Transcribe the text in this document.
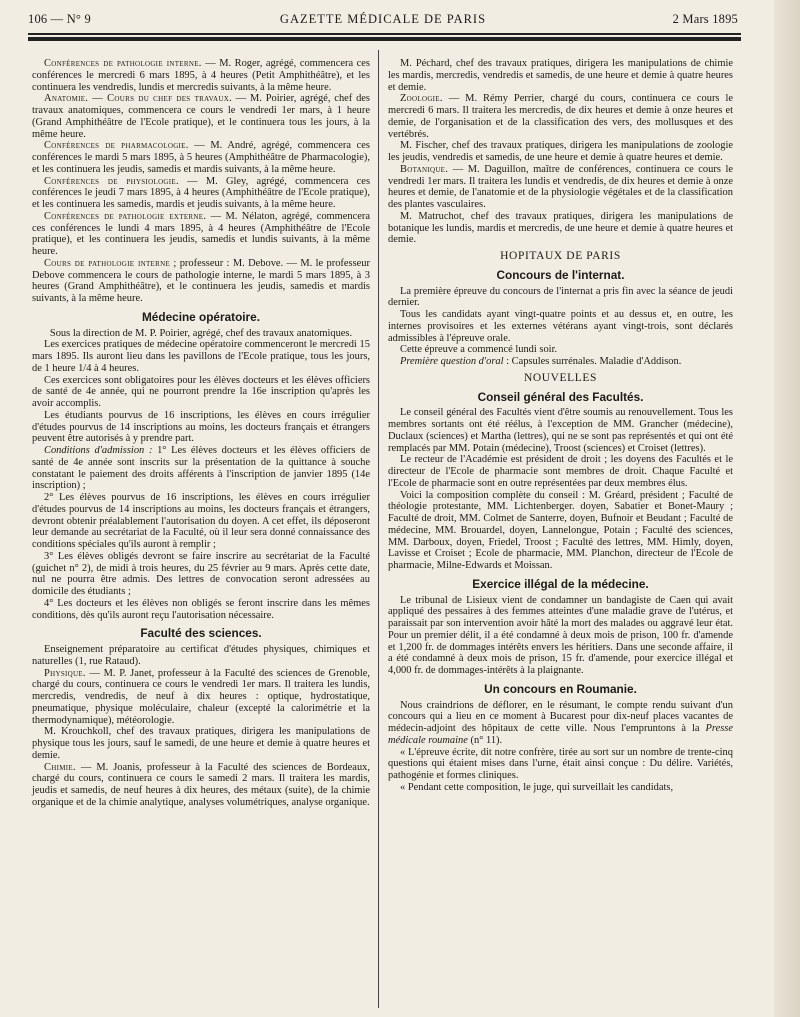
106 — N° 9	GAZETTE MÉDICALE DE PARIS	2 Mars 1895

Conférences de pathologie interne. — M. Roger, agrégé, commencera ces conférences le mercredi 6 mars 1895, à 4 heures (Petit Amphithéâtre), et les continuera les vendredis, lundis et mercredis suivants, à la même heure.

Anatomie. — Cours du chef des travaux. — M. Poirier, agrégé, chef des travaux anatomiques, commencera ce cours le vendredi 1er mars, à 1 heure (Grand Amphithéâtre de l'Ecole pratique), et le continuera tous les jours, à la même heure.

Conférences de pharmacologie. — M. André, agrégé, commencera ces conférences le mardi 5 mars 1895, à 5 heures (Amphithéâtre de Pharmacologie), et les continuera les jeudis, samedis et mardis suivants, à la même heure.

Conférences de physiologie. — M. Gley, agrégé, commencera ces conférences le jeudi 7 mars 1895, à 4 heures (Amphithéâtre de l'Ecole pratique), et les continuera les samedis, mardis et jeudis suivants, à la même heure.

Conférences de pathologie externe. — M. Nélaton, agrégé, commencera ces conférences le lundi 4 mars 1895, à 4 heures (Amphithéâtre de l'Ecole pratique), et les continuera les jeudis, samedis et lundis suivants, à la même heure.

Cours de pathologie interne ; professeur : M. Debove. — M. le professeur Debove commencera le cours de pathologie interne, le mardi 5 mars 1895, à 3 heures (Grand Amphithéâtre), et le continuera les jeudis, samedis et mardis suivants, à la même heure.

Médecine opératoire.

Sous la direction de M. P. Poirier, agrégé, chef des travaux anatomiques.

Les exercices pratiques de médecine opératoire commenceront le mercredi 15 mars 1895. Ils auront lieu dans les pavillons de l'Ecole pratique, tous les jours, de 1 heure 1/4 à 4 heures.

Ces exercices sont obligatoires pour les élèves docteurs et les élèves officiers de santé de 4e année, qui ne pourront prendre la 16e inscription qu'après les avoir accomplis.

Les étudiants pourvus de 16 inscriptions, les élèves en cours irrégulier d'études pourvus de 14 inscriptions au moins, les docteurs français et étrangers peuvent être autorisés à y prendre part.

Conditions d'admission : 1° Les élèves docteurs et les élèves officiers de santé de 4e année sont inscrits sur la présentation de la quittance à souche constatant le paiement des droits afférents à l'inscription de janvier 1895 (14e inscription) ;

2° Les élèves pourvus de 16 inscriptions, les élèves en cours irrégulier d'études pourvus de 14 inscriptions au moins, les docteurs français et étrangers, devront obtenir préalablement l'autorisation du doyen. A cet effet, ils déposeront leur demande au secrétariat de la Faculté, où il leur sera donné connaissance des conditions spéciales qu'ils auront à remplir ;

3° Les élèves obligés devront se faire inscrire au secrétariat de la Faculté (guichet n° 2), de midi à trois heures, du 25 février au 9 mars. Après cette date, nul ne pourra être admis. Des lettres de convocation seront adressées au domicile des étudiants ;

4° Les docteurs et les élèves non obligés se feront inscrire dans les mêmes conditions, dès qu'ils auront reçu l'autorisation nécessaire.

Faculté des sciences.

Enseignement préparatoire au certificat d'études physiques, chimiques et naturelles (1, rue Rataud).

Physique. — M. P. Janet, professeur à la Faculté des sciences de Grenoble, chargé du cours, continuera ce cours le vendredi 1er mars. Il traitera les lundis, mercredis, vendredis, de neuf à dix heures : optique, hydrostatique, pneumatique, physique moléculaire, chaleur (excepté la calorimétrie et la thermodynamique), météorologie.

M. Krouchkoll, chef des travaux pratiques, dirigera les manipulations de physique tous les jours, sauf le samedi, de une heure et demie à quatre heures et demie.

Chimie. — M. Joanis, professeur à la Faculté des sciences de Bordeaux, chargé du cours, continuera ce cours le samedi 2 mars. Il traitera les mardis, jeudis et samedis, de neuf heures à dix heures, des métaux (suite), de la chimie organique et de la chimie analytique, analyses volumétriques, analyse organique.

M. Péchard, chef des travaux pratiques, dirigera les manipulations de chimie les mardis, mercredis, vendredis et samedis, de une heure et demie à quatre heures et demie.

Zoologie. — M. Rémy Perrier, chargé du cours, continuera ce cours le mercredi 6 mars. Il traitera les mercredis, de dix heures et demie à onze heures et demie, de l'organisation et de la classification des vers, des mollusques et des vertébrés.

M. Fischer, chef des travaux pratiques, dirigera les manipulations de zoologie les jeudis, vendredis et samedis, de une heure et demie à quatre heures et demie.

Botanique. — M. Daguillon, maître de conférences, continuera ce cours le vendredi 1er mars. Il traitera les lundis et vendredis, de dix heures et demie à onze heures et demie, de l'anatomie et de la physiologie végétales et de la classification des plantes vasculaires.

M. Matruchot, chef des travaux pratiques, dirigera les manipulations de botanique les lundis, mardis et mercredis, de une heure et demie à quatre heures et demie.

HOPITAUX DE PARIS
Concours de l'internat.

La première épreuve du concours de l'internat a pris fin avec la séance de jeudi dernier.

Tous les candidats ayant vingt-quatre points et au dessus et, en outre, les internes provisoires et les externes vétérans ayant vingt-trois, sont déclarés admissibles à l'épreuve orale.

Cette épreuve a commencé lundi soir.

Première question d'oral : Capsules surrénales. Maladie d'Addison.

NOUVELLES
Conseil général des Facultés.

Le conseil général des Facultés vient d'être soumis au renouvellement. Tous les membres sortants ont été réélus, à l'exception de MM. Grancher (médecine), Duclaux (sciences) et Martha (lettres), qui ne se sont pas représentés et qui ont été remplacés par MM. Potain (médecine), Troost (sciences) et Croiset (lettres).

Le recteur de l'Académie est président de droit ; les doyens des Facultés et le directeur de l'Ecole de pharmacie sont membres de droit. Chaque Faculté et l'Ecole de pharmacie sont en outre représentées par deux membres élus.

Voici la composition complète du conseil : M. Gréard, président ; Faculté de théologie protestante, MM. Lichtenberger. doyen, Sabatier et Bonet-Maury ; Faculté de droit, MM. Colmet de Santerre, doyen, Bufnoir et Beudant ; Faculté de médecine, MM. Brouardel, doyen, Lannelongue, Potain ; Faculté des sciences, MM. Darboux, doyen, Friedel, Troost ; Faculté des lettres, MM. Himly, doyen, Lavisse et Croiset ; Ecole de pharmacie, MM. Planchon, directeur de l'Ecole de pharmacie, Milne-Edwards et Moissan.

Exercice illégal de la médecine.

Le tribunal de Lisieux vient de condamner un bandagiste de Caen qui avait appliqué des pessaires à des femmes atteintes d'une maladie grave de l'utérus, et paraissait par son intervention avoir hâté la mort des malades ou aggravé leur état. Pour un premier délit, il a été condamné à deux mois de prison, 100 fr. d'amende et 1,200 fr. de dommages intérêts envers les héritiers. Dans une seconde affaire, il a été condamné à deux mois de prison, 15 fr. d'amende, pour exercice illégal et 4,000 fr. de dommages-intérêts à la plaignante.

Un concours en Roumanie.

Nous craindrions de déflorer, en le résumant, le compte rendu suivant d'un concours qui a lieu en ce moment à Bucarest pour dix-neuf places vacantes de médecin-adjoint des hôpitaux de cette ville. Nous l'empruntons à la Presse médicale roumaine (n° 11).

« L'épreuve écrite, dit notre confrère, tirée au sort sur un nombre de trente-cinq questions qui étaient mises dans l'urne, était ainsi conçue : Du délire. Variétés, pathogénie et formes cliniques.

« Pendant cette composition, le juge, qui surveillait les candidats,
